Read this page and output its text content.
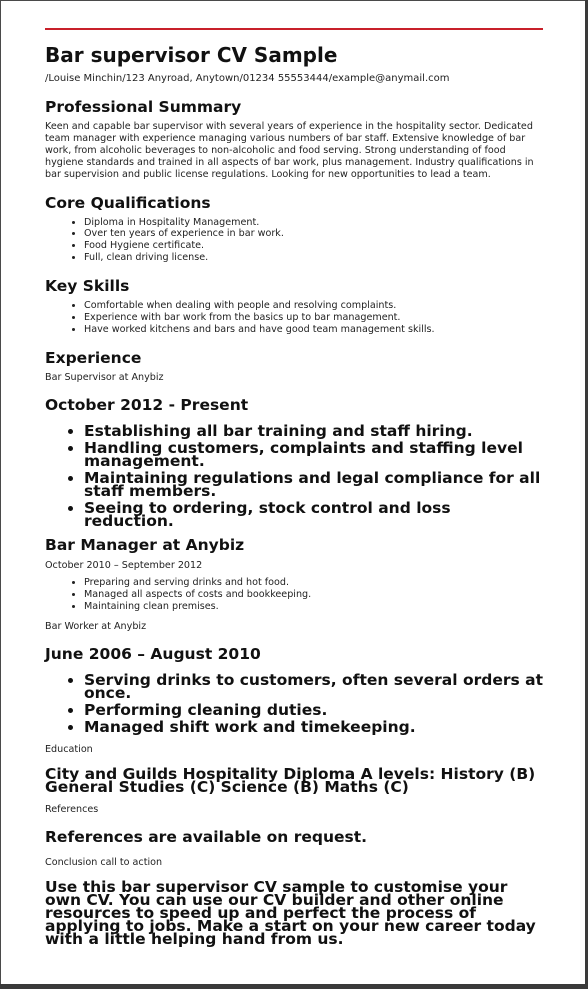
Bar supervisor CV Sample
/Louise Minchin/123 Anyroad, Anytown/01234 55553444/example@anymail.com
Professional Summary

Keen and capable bar supervisor with several years of experience in the hospitality sector. Dedicated team manager with experience managing various numbers of bar staff. Extensive knowledge of bar work, from alcoholic beverages to non-alcoholic and food serving. Strong understanding of food hygiene standards and trained in all aspects of bar work, plus management. Industry qualifications in bar supervision and public license regulations. Looking for new opportunities to lead a team.

Core Qualifications
• Diploma in Hospitality Management.
• Over ten years of experience in bar work.
• Food Hygiene certificate.
• Full, clean driving license.
Key Skills
• Comfortable when dealing with people and resolving complaints.
• Experience with bar work from the basics up to bar management.
• Have worked kitchens and bars and have good team management skills.
Experience
Bar Supervisor at Anybiz
October 2012 - Present
• Establishing all bar training and staff hiring.
• Handling customers, complaints and staffing level management.
• Maintaining regulations and legal compliance for all staff members.
• Seeing to ordering, stock control and loss reduction.
Bar Manager at Anybiz
October 2010 – September 2012
• Preparing and serving drinks and hot food.
• Managed all aspects of costs and bookkeeping.
• Maintaining clean premises.
Bar Worker at Anybiz
June 2006 – August 2010
• Serving drinks to customers, often several orders at once.
• Performing cleaning duties.
• Managed shift work and timekeeping.
Education

City and Guilds Hospitality Diploma A levels: History (B) General Studies (C) Science (B) Maths (C)

References

References are available on request.

Conclusion call to action

Use this bar supervisor CV sample to customise your own CV. You can use our CV builder and other online resources to speed up and perfect the process of applying to jobs. Make a start on your new career today with a little helping hand from us.
